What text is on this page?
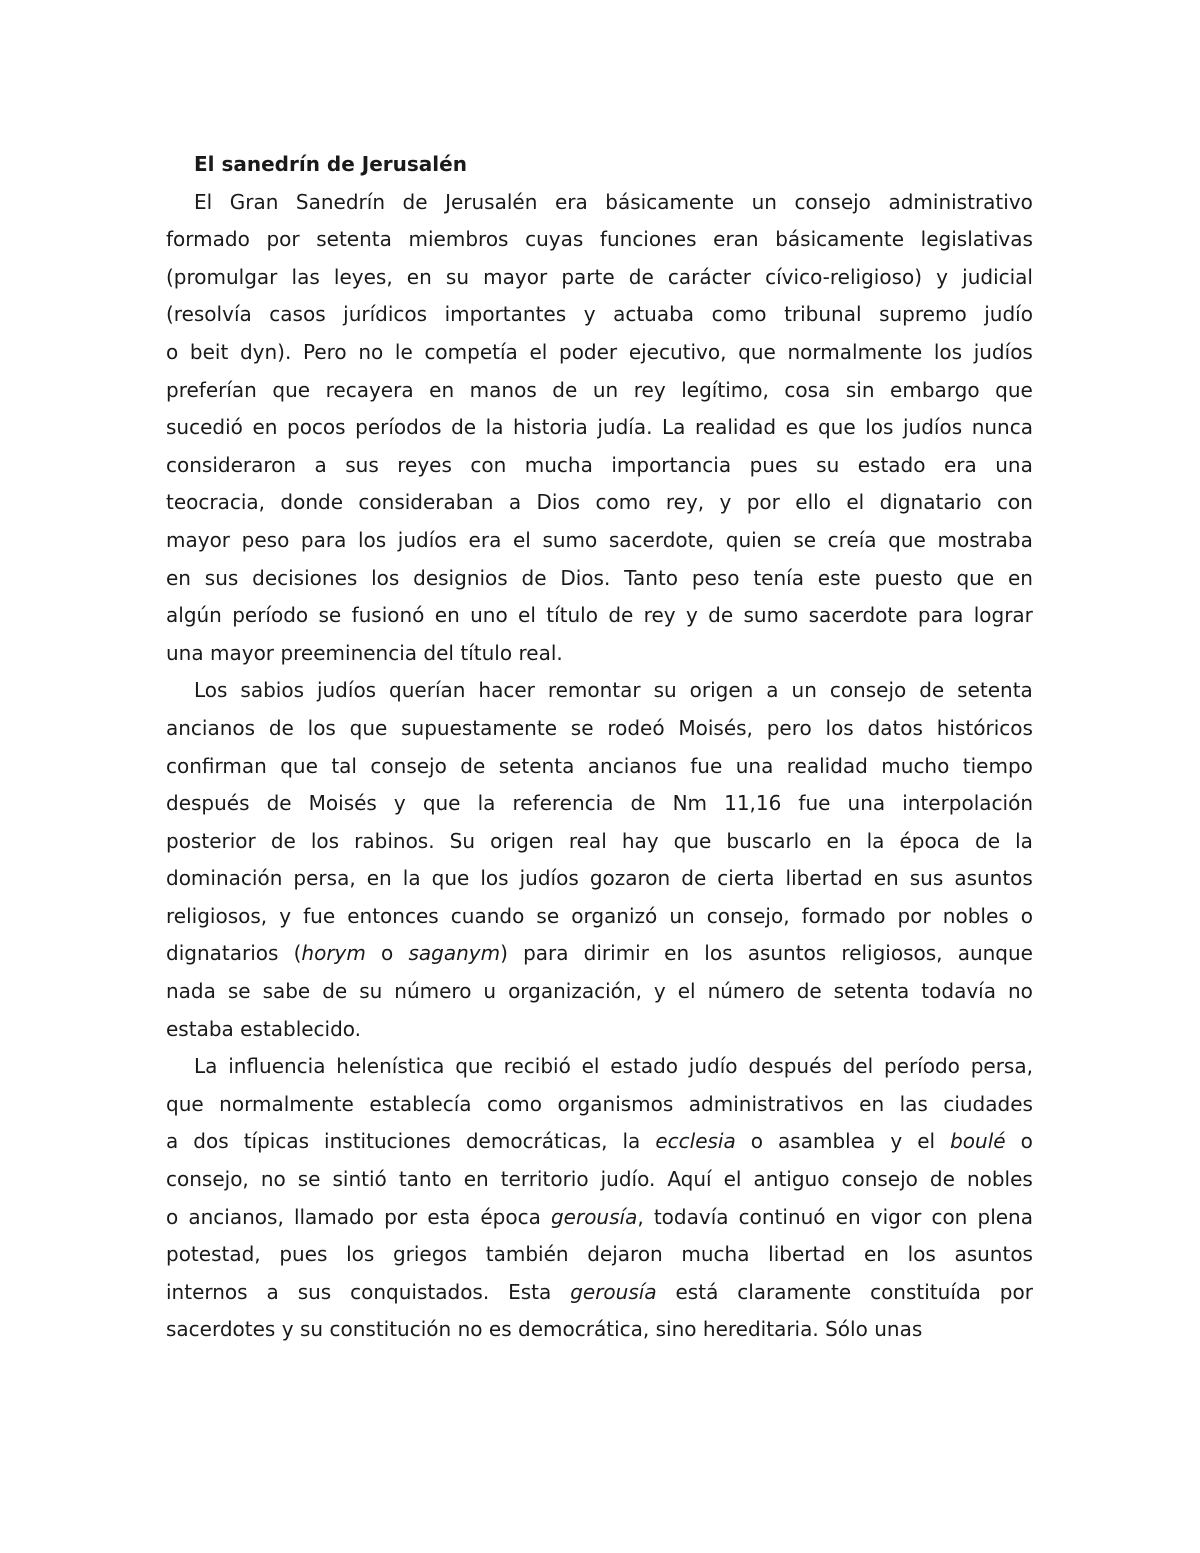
El sanedrín de Jerusalén
El Gran Sanedrín de Jerusalén era básicamente un consejo administrativo
formado por setenta miembros cuyas funciones eran básicamente legislativas
(promulgar las leyes, en su mayor parte de carácter cívico-religioso) y judicial
(resolvía casos jurídicos importantes y actuaba como tribunal supremo judío
o beit dyn). Pero no le competía el poder ejecutivo, que normalmente los judíos
preferían que recayera en manos de un rey legítimo, cosa sin embargo que
sucedió en pocos períodos de la historia judía. La realidad es que los judíos nunca
consideraron a sus reyes con mucha importancia pues su estado era una
teocracia, donde consideraban a Dios como rey, y por ello el dignatario con
mayor peso para los judíos era el sumo sacerdote, quien se creía que mostraba
en sus decisiones los designios de Dios. Tanto peso tenía este puesto que en
algún período se fusionó en uno el título de rey y de sumo sacerdote para lograr
una mayor preeminencia del título real.
Los sabios judíos querían hacer remontar su origen a un consejo de setenta
ancianos de los que supuestamente se rodeó Moisés, pero los datos históricos
confirman que tal consejo de setenta ancianos fue una realidad mucho tiempo
después de Moisés y que la referencia de Nm 11,16 fue una interpolación
posterior de los rabinos. Su origen real hay que buscarlo en la época de la
dominación persa, en la que los judíos gozaron de cierta libertad en sus asuntos
religiosos, y fue entonces cuando se organizó un consejo, formado por nobles o
dignatarios (horym o saganym) para dirimir en los asuntos religiosos, aunque
nada se sabe de su número u organización, y el número de setenta todavía no
estaba establecido.
La influencia helenística que recibió el estado judío después del período persa,
que normalmente establecía como organismos administrativos en las ciudades
a dos típicas instituciones democráticas, la ecclesia o asamblea y el boulé o
consejo, no se sintió tanto en territorio judío. Aquí el antiguo consejo de nobles
o ancianos, llamado por esta época gerousía, todavía continuó en vigor con plena
potestad, pues los griegos también dejaron mucha libertad en los asuntos
internos a sus conquistados. Esta gerousía está claramente constituída por
sacerdotes y su constitución no es democrática, sino hereditaria. Sólo unas
